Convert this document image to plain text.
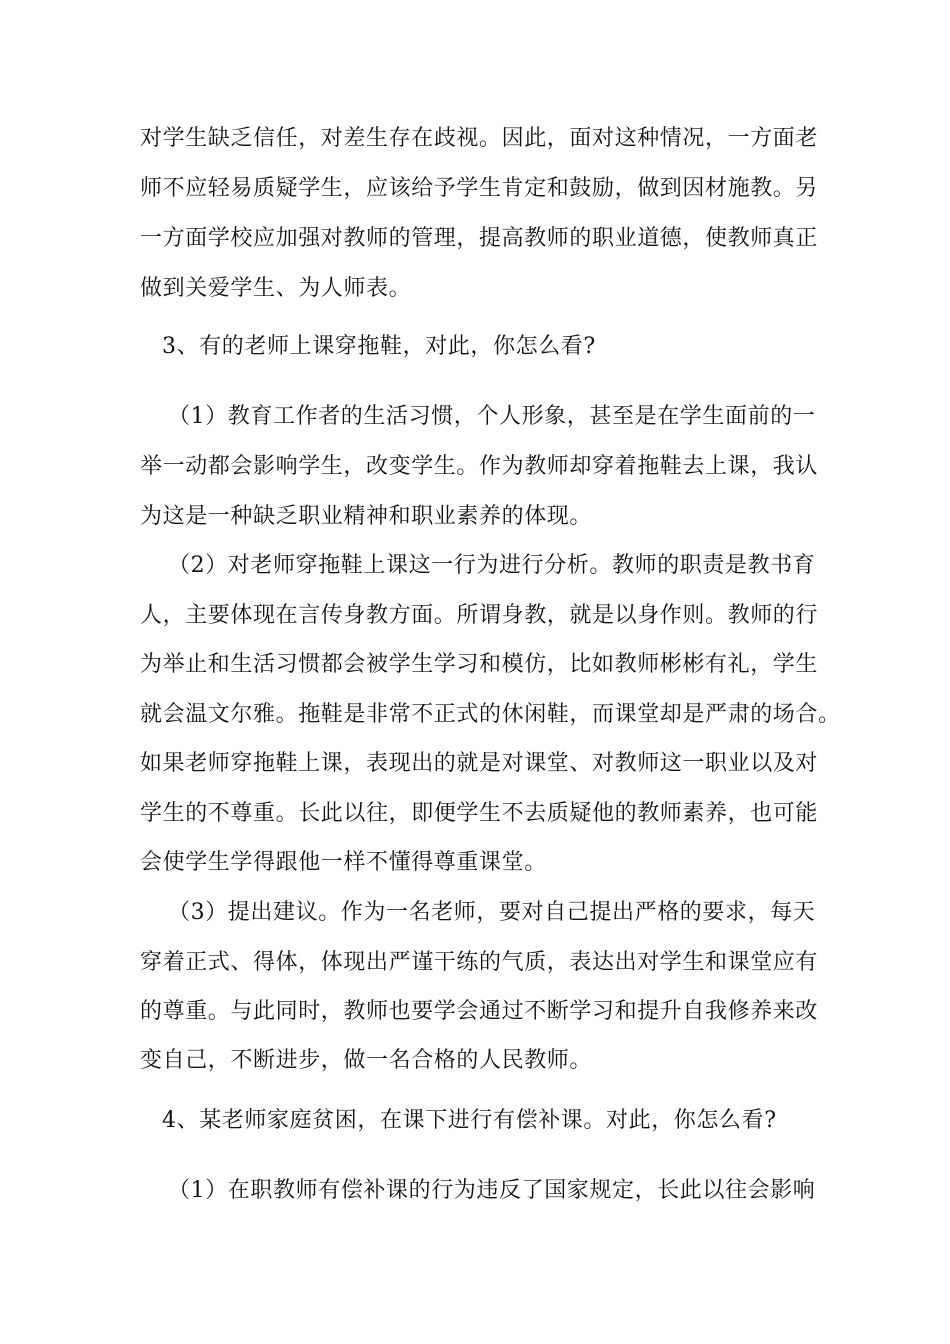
对学生缺乏信任，对差生存在歧视。因此，面对这种情况，一方面老
师不应轻易质疑学生，应该给予学生肯定和鼓励，做到因材施教。另
一方面学校应加强对教师的管理，提高教师的职业道德，使教师真正
做到关爱学生、为人师表。
3、有的老师上课穿拖鞋，对此，你怎么看?
（1）教育工作者的生活习惯，个人形象，甚至是在学生面前的一
举一动都会影响学生，改变学生。作为教师却穿着拖鞋去上课，我认
为这是一种缺乏职业精神和职业素养的体现。
（2）对老师穿拖鞋上课这一行为进行分析。教师的职责是教书育
人，主要体现在言传身教方面。所谓身教，就是以身作则。教师的行
为举止和生活习惯都会被学生学习和模仿，比如教师彬彬有礼，学生
就会温文尔雅。拖鞋是非常不正式的休闲鞋，而课堂却是严肃的场合。
如果老师穿拖鞋上课，表现出的就是对课堂、对教师这一职业以及对
学生的不尊重。长此以往，即便学生不去质疑他的教师素养，也可能
会使学生学得跟他一样不懂得尊重课堂。
（3）提出建议。作为一名老师，要对自己提出严格的要求，每天
穿着正式、得体，体现出严谨干练的气质，表达出对学生和课堂应有
的尊重。与此同时，教师也要学会通过不断学习和提升自我修养来改
变自己，不断进步，做一名合格的人民教师。
4、某老师家庭贫困，在课下进行有偿补课。对此，你怎么看?
（1）在职教师有偿补课的行为违反了国家规定，长此以往会影响
